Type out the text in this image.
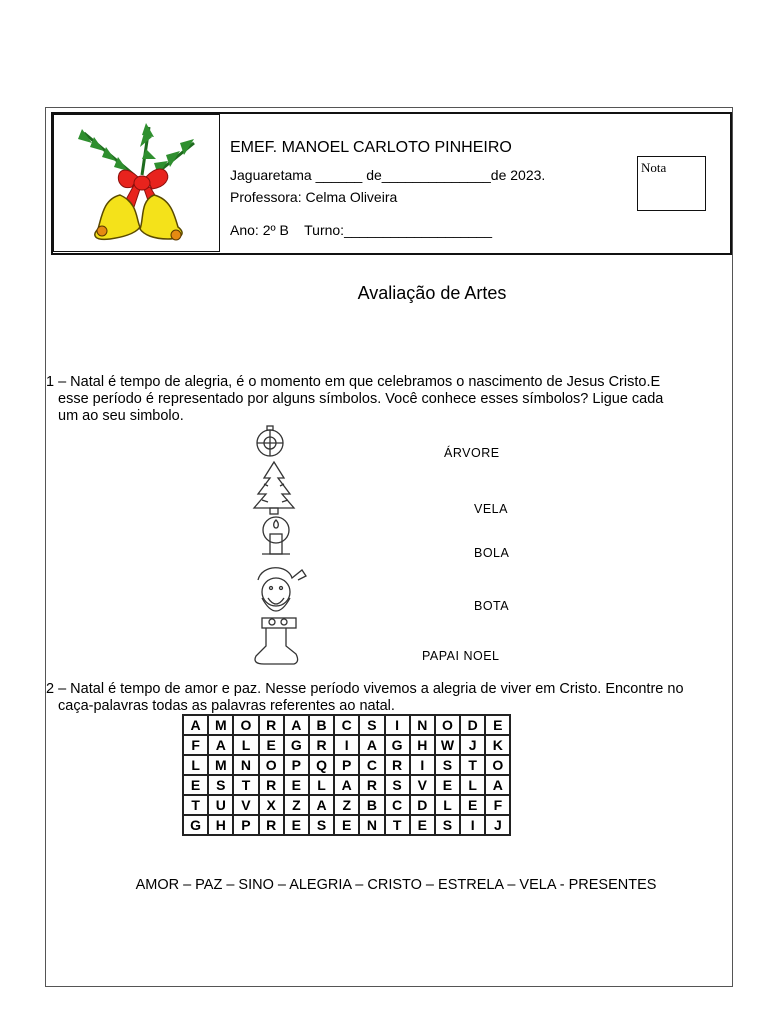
EMEF. MANOEL CARLOTO PINHEIRO
Jaguaretama ______ de______________de 2023.
Professora: Celma Oliveira
Ano: 2º B    Turno:___________________
Nota
Avaliação de Artes
1 – Natal é tempo de alegria, é o momento em que celebramos o nascimento de Jesus Cristo.E
esse período é representado por alguns símbolos. Você conhece esses símbolos? Ligue cada
um ao seu simbolo.
ÁRVORE
VELA
BOLA
BOTA
PAPAI NOEL
2 – Natal é tempo de amor e paz. Nesse período vivemos a alegria de viver em Cristo. Encontre no
caça-palavras todas as palavras referentes ao natal.
A	M	O	R	A	B	C	S	I	N	O	D	E
F	A	L	E	G	R	I	A	G	H	W	J	K
L	M	N	O	P	Q	P	C	R	I	S	T	O
E	S	T	R	E	L	A	R	S	V	E	L	A
T	U	V	X	Z	A	Z	B	C	D	L	E	F
G	H	P	R	E	S	E	N	T	E	S	I	J
AMOR – PAZ – SINO – ALEGRIA – CRISTO – ESTRELA – VELA - PRESENTES
